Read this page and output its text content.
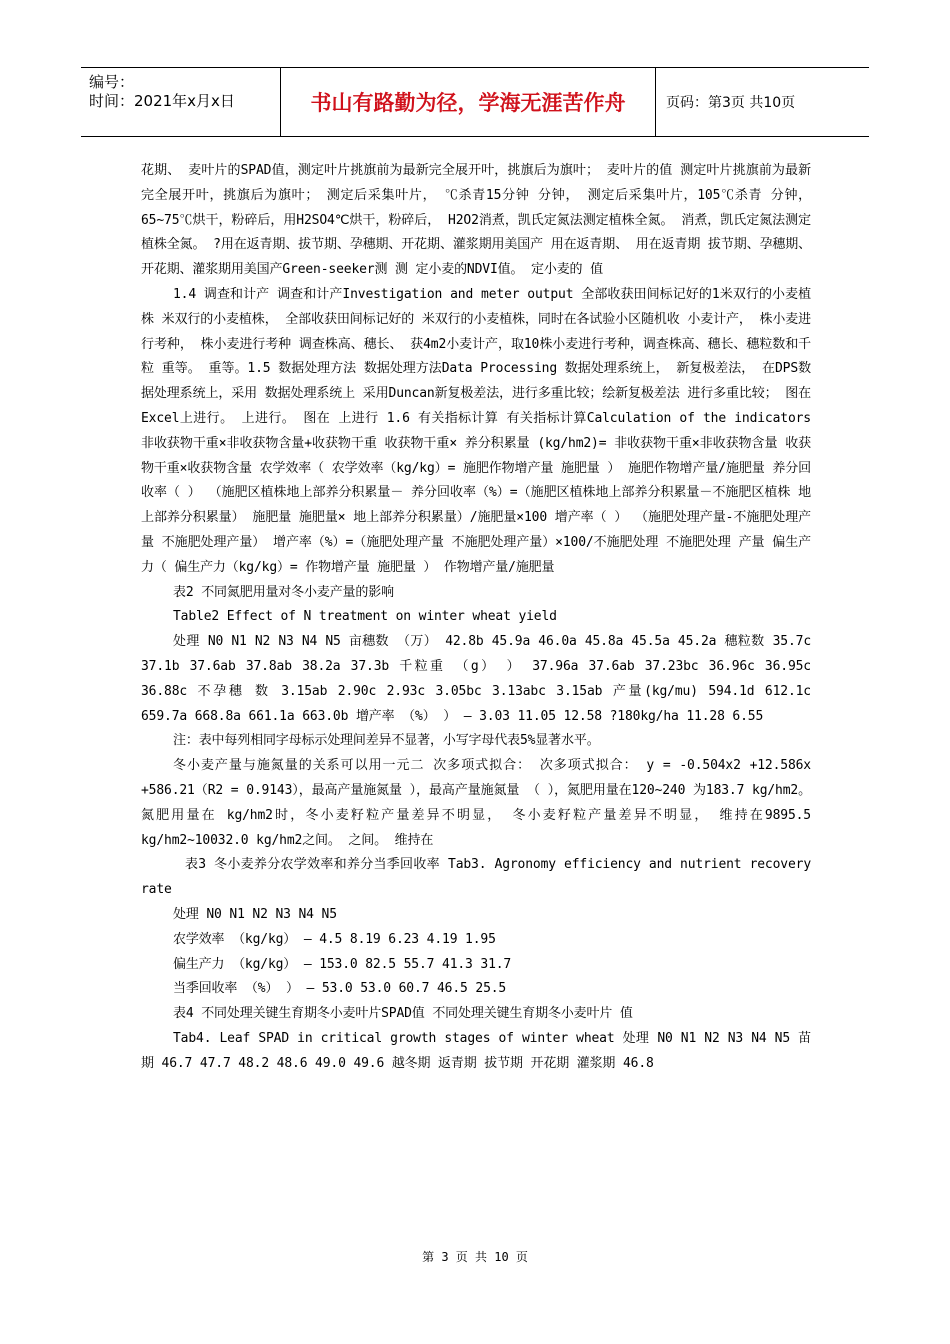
编号：
时间：2021年x月x日	书山有路勤为径，学海无涯苦作舟	页码：第3页 共10页

花期、 麦叶片的SPAD值，测定叶片挑旗前为最新完全展开叶，挑旗后为旗叶； 麦叶片的值 测定叶片挑旗前为最新完全展开叶，挑旗后为旗叶； 测定后采集叶片， ℃杀青15分钟 分钟， 测定后采集叶片，105℃杀青 分钟，65~75℃烘干，粉碎后，用H2SO4℃烘干，粉碎后， H2O2消煮，凯氏定氮法测定植株全氮。 消煮，凯氏定氮法测定植株全氮。 ?用在返青期、拔节期、孕穗期、开花期、灌浆期用美国产 用在返青期、 用在返青期 拔节期、孕穗期、开花期、灌浆期用美国产Green-seeker测 测 定小麦的NDVI值。 定小麦的 值

1.4 调查和计产 调查和计产Investigation and meter output 全部收获田间标记好的1米双行的小麦植株 米双行的小麦植株， 全部收获田间标记好的 米双行的小麦植株，同时在各试验小区随机收 小麦计产， 株小麦进行考种， 株小麦进行考种 调查株高、穗长、 获4m2小麦计产，取10株小麦进行考种，调查株高、穗长、穗粒数和千粒 重等。 重等。1.5 数据处理方法 数据处理方法Data Processing 数据处理系统上， 新复极差法， 在DPS数据处理系统上，采用 数据处理系统上 采用Duncan新复极差法，进行多重比较；绘新复极差法 进行多重比较； 图在Excel上进行。 上进行。 图在 上进行 1.6 有关指标计算 有关指标计算Calculation of the indicators 非收获物干重×非收获物含量+收获物干重 收获物干重× 养分积累量 (kg/hm2)= 非收获物干重×非收获物含量 收获物干重×收获物含量 农学效率（ 农学效率（kg/kg）= 施肥作物增产量 施肥量 ） 施肥作物增产量/施肥量 养分回收率（ ） （施肥区植株地上部养分积累量－ 养分回收率（%）=（施肥区植株地上部养分积累量－不施肥区植株 地上部养分积累量） 施肥量 施肥量× 地上部养分积累量）/施肥量×100 增产率（ ） （施肥处理产量-不施肥处理产量 不施肥处理产量） 增产率（%）=（施肥处理产量 不施肥处理产量）×100/不施肥处理 不施肥处理 产量 偏生产力（ 偏生产力（kg/kg）= 作物增产量 施肥量 ） 作物增产量/施肥量

表2 不同氮肥用量对冬小麦产量的影响

Table2 Effect of N treatment on winter wheat yield

处理 N0 N1 N2 N3 N4 N5 亩穗数 （万） 42.8b 45.9a 46.0a 45.8a 45.5a 45.2a 穗粒数 35.7c 37.1b 37.6ab 37.8ab 38.2a 37.3b 千粒重 （g） ） 37.96a 37.6ab 37.23bc 36.96c 36.95c 36.88c 不孕穗 数 3.15ab 2.90c 2.93c 3.05bc 3.13abc 3.15ab 产量(kg/mu) 594.1d 612.1c 659.7a 668.8a 661.1a 663.0b 增产率 （%） ） — 3.03 11.05 12.58 ?180kg/ha 11.28 6.55

注：表中每列相同字母标示处理间差异不显著，小写字母代表5%显著水平。

冬小麦产量与施氮量的关系可以用一元二 次多项式拟合： 次多项式拟合： y = -0.504x2 +12.586x +586.21（R2 = 0.9143），最高产量施氮量 ），最高产量施氮量 （ ），氮肥用量在120~240 为183.7 kg/hm2。氮肥用量在 kg/hm2时，冬小麦籽粒产量差异不明显， 冬小麦籽粒产量差异不明显， 维持在9895.5 kg/hm2~10032.0 kg/hm2之间。 之间。 维持在

表3 冬小麦养分农学效率和养分当季回收率 Tab3. Agronomy efficiency and nutrient recovery rate

处理 N0 N1 N2 N3 N4 N5

农学效率 （kg/kg） — 4.5 8.19 6.23 4.19 1.95

偏生产力 （kg/kg） — 153.0 82.5 55.7 41.3 31.7

当季回收率 （%） ） — 53.0 53.0 60.7 46.5 25.5

表4 不同处理关键生育期冬小麦叶片SPAD值 不同处理关键生育期冬小麦叶片 值

Tab4. Leaf SPAD in critical growth stages of winter wheat 处理 N0 N1 N2 N3 N4 N5 苗期 46.7 47.7 48.2 48.6 49.0 49.6 越冬期 返青期 拔节期 开花期 灌浆期 46.8

第 3 页 共 10 页
